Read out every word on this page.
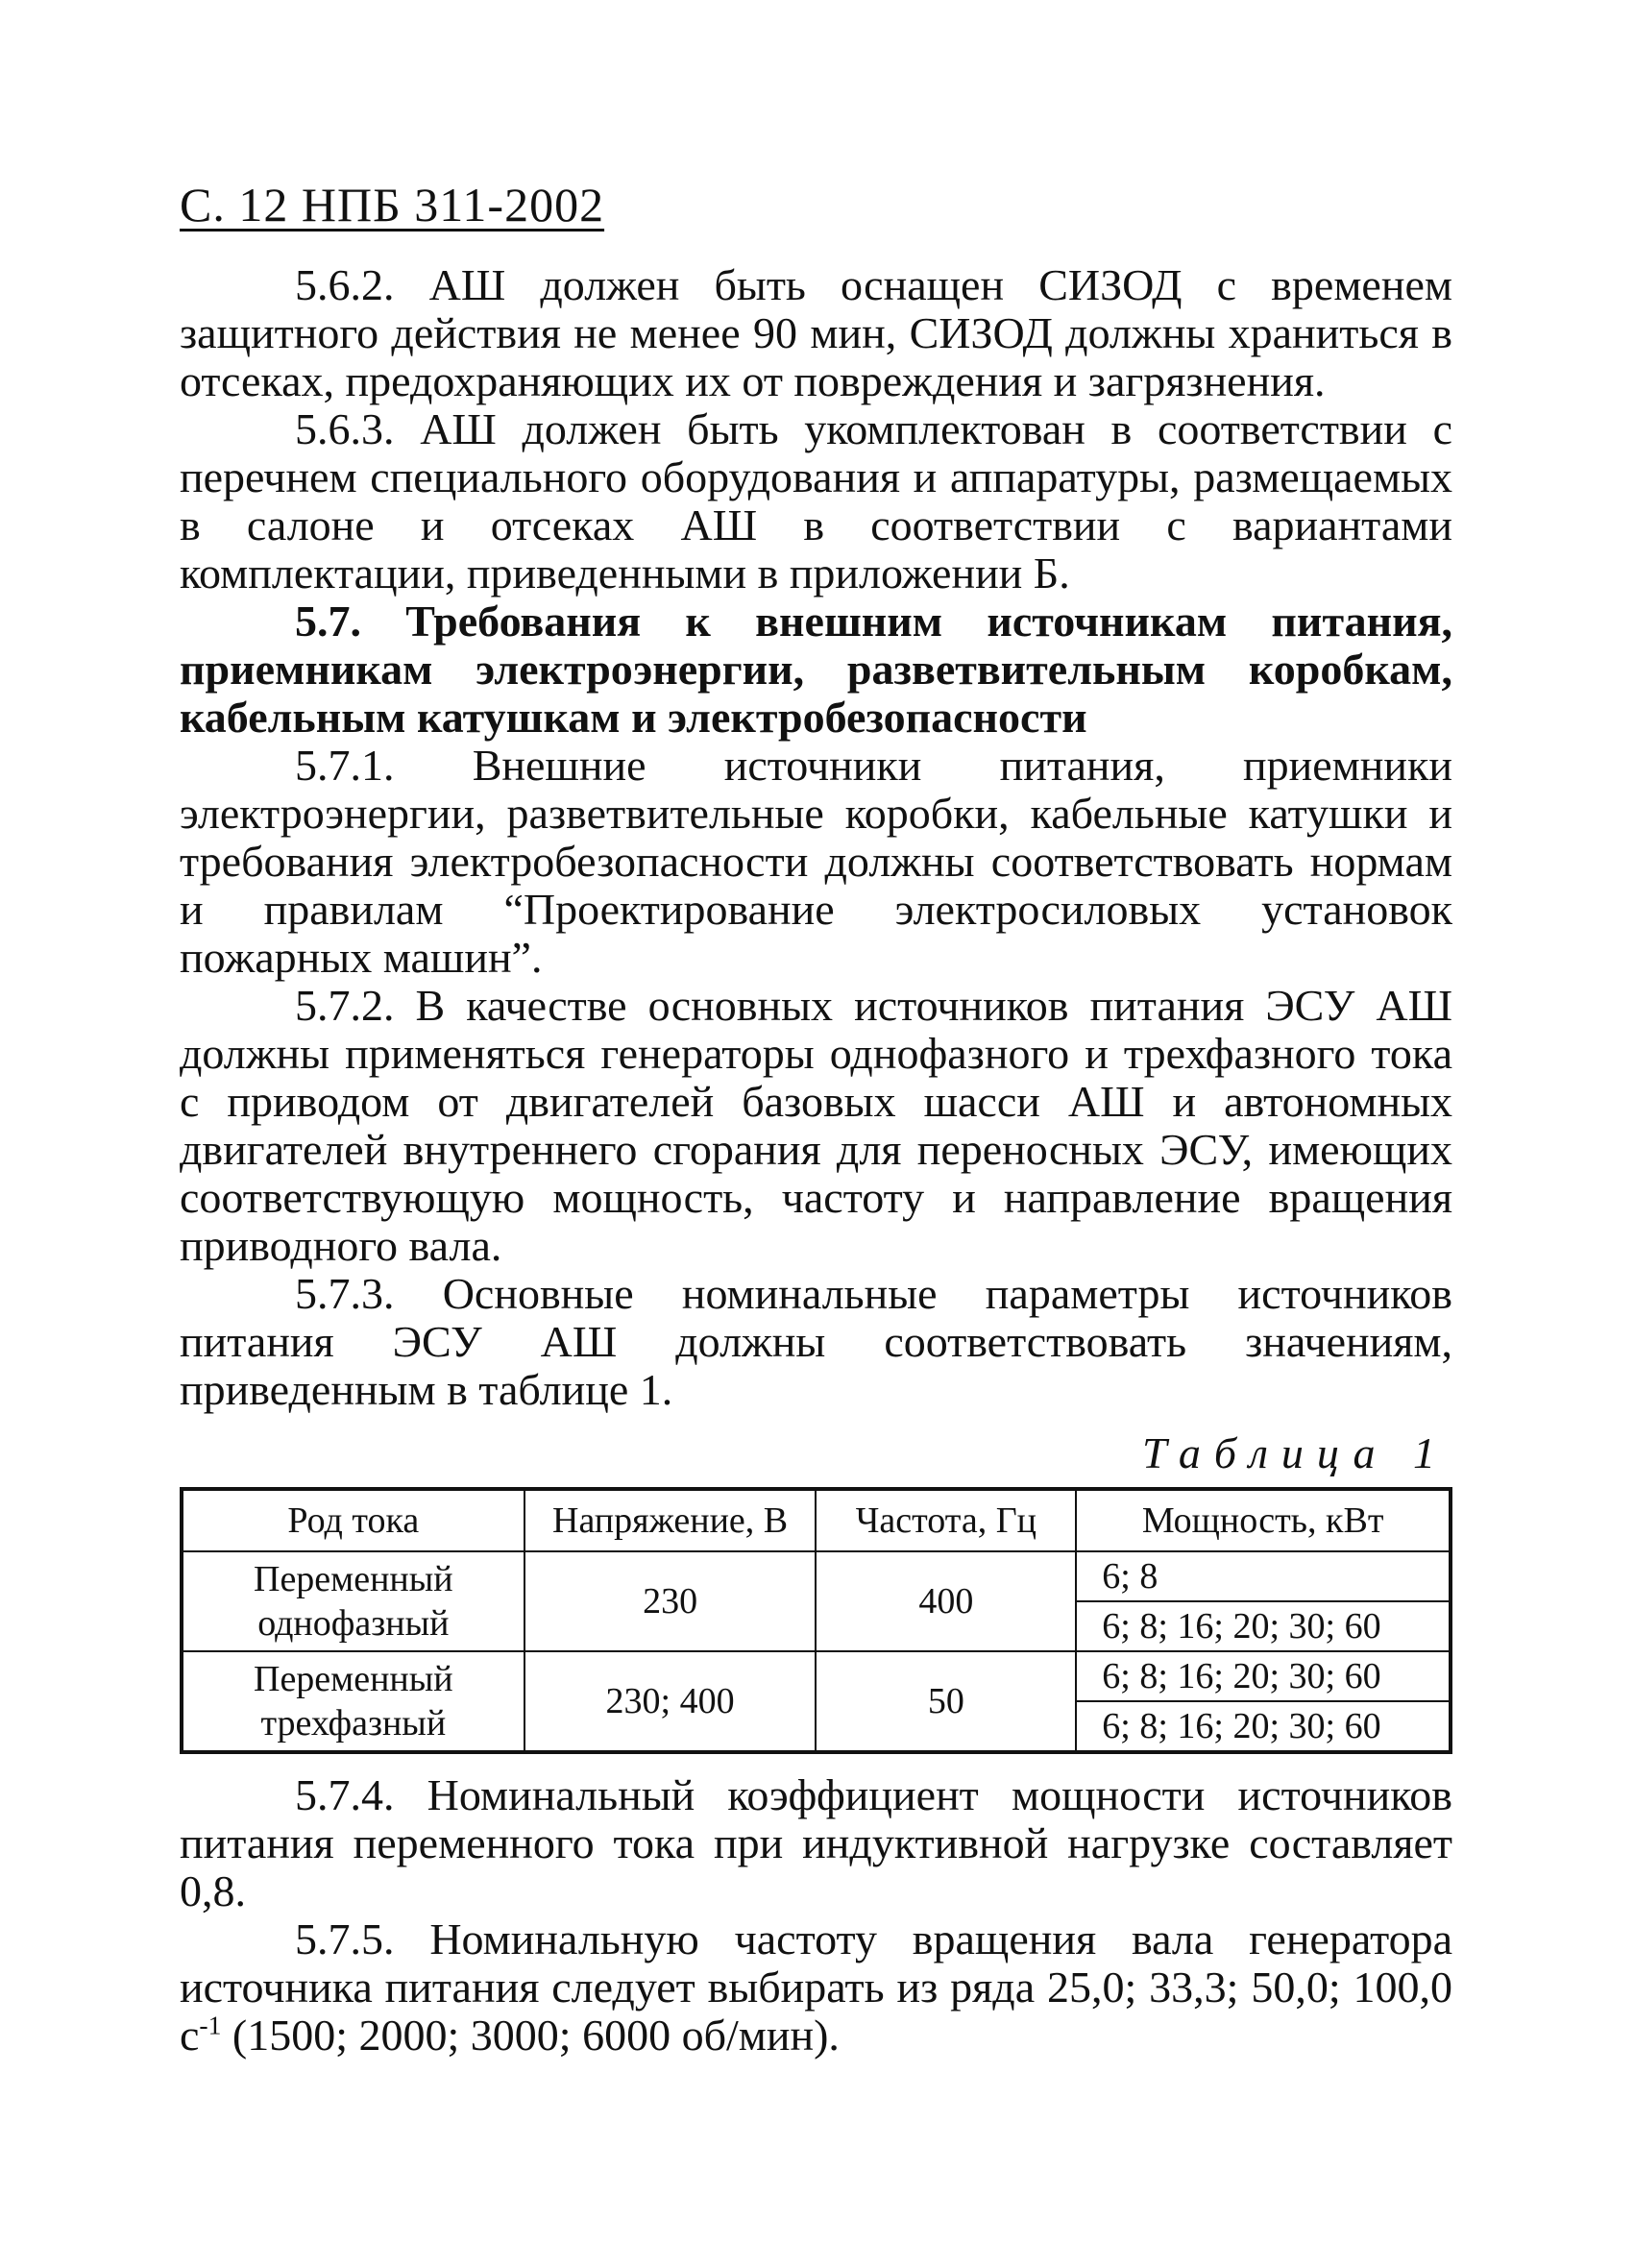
С. 12 НПБ 311-2002

5.6.2. АШ должен быть оснащен СИЗОД с временем защитного действия не менее 90 мин, СИЗОД должны храниться в отсеках, предохраняющих их от повреждения и загрязнения.

5.6.3. АШ должен быть укомплектован в соответствии с перечнем специального оборудования и аппаратуры, размещаемых в салоне и отсеках АШ в соответствии с вариантами комплектации, приведенными в приложении Б.

5.7. Требования к внешним источникам питания, приемникам электроэнергии, разветвительным коробкам, кабельным катушкам и электробезопасности

5.7.1. Внешние источники питания, приемники электроэнергии, разветвительные коробки, кабельные катушки и требования электробезопасности должны соответствовать нормам и правилам “Проектирование электросиловых установок пожарных машин”.

5.7.2. В качестве основных источников питания ЭСУ АШ должны применяться генераторы однофазного и трехфазного тока с приводом от двигателей базовых шасси АШ и автономных двигателей внутреннего сгорания для переносных ЭСУ, имеющих соответствующую мощность, частоту и направление вращения приводного вала.

5.7.3. Основные номинальные параметры источников питания ЭСУ АШ должны соответствовать значениям, приведенным в таблице 1.

Таблица 1
Род тока	Напряжение, В	Частота, Гц	Мощность, кВт
Переменный однофазный	230	400	6; 8
			6; 8; 16; 20; 30; 60
Переменный трехфазный	230; 400	50	6; 8; 16; 20; 30; 60
			6; 8; 16; 20; 30; 60

5.7.4. Номинальный коэффициент мощности источников питания переменного тока при индуктивной нагрузке составляет 0,8.

5.7.5. Номинальную частоту вращения вала генератора источника питания следует выбирать из ряда 25,0; 33,3; 50,0; 100,0 $с^{-1}$ (1500; 2000; 3000; 6000 об/мин).
